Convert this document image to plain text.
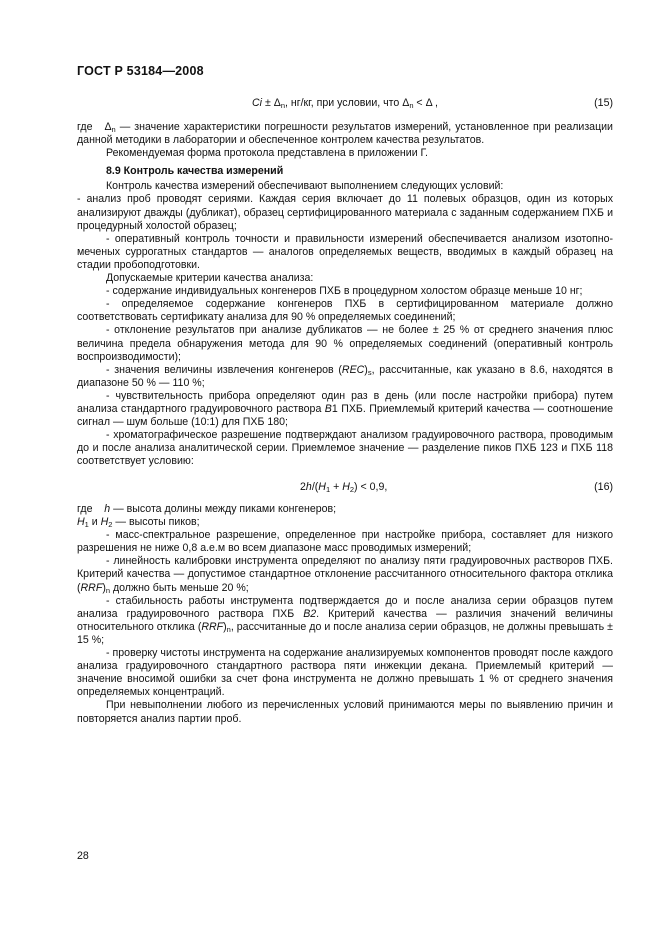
ГОСТ Р 53184—2008
$Ci \pm \Delta_n$, нг/кг, при условии, что $\Delta_n < \Delta$ ,	(15)

где $\Delta_n$ — значение характеристики погрешности результатов измерений, установленное при реализации данной методики в лаборатории и обеспеченное контролем качества результатов.

Рекомендуемая форма протокола представлена в приложении Г.

8.9 Контроль качества измерений

Контроль качества измерений обеспечивают выполнением следующих условий:

- анализ проб проводят сериями. Каждая серия включает до 11 полевых образцов, один из которых анализируют дважды (дубликат), образец сертифицированного материала с заданным содержанием ПХБ и процедурный холостой образец;

- оперативный контроль точности и правильности измерений обеспечивается анализом изотопно-меченых суррогатных стандартов — аналогов определяемых веществ, вводимых в каждый образец на стадии пробоподготовки.

Допускаемые критерии качества анализа:

- содержание индивидуальных конгенеров ПХБ в процедурном холостом образце меньше 10 нг;

- определяемое содержание конгенеров ПХБ в сертифицированном материале должно соответствовать сертификату анализа для 90 % определяемых соединений;

- отклонение результатов при анализе дубликатов — не более ± 25 % от среднего значения плюс величина предела обнаружения метода для 90 % определяемых соединений (оперативный контроль воспроизводимости);

- значения величины извлечения конгенеров $(REC)_s$, рассчитанные, как указано в 8.6, находятся в диапазоне 50 % — 110 %;

- чувствительность прибора определяют один раз в день (или после настройки прибора) путем анализа стандартного градуировочного раствора B1 ПХБ. Приемлемый критерий качества — соотношение сигнал — шум больше (10:1) для ПХБ 180;

- хроматографическое разрешение подтверждают анализом градуировочного раствора, проводимым до и после анализа аналитической серии. Приемлемое значение — разделение пиков ПХБ 123 и ПХБ 118 соответствует условию:

$2h/(H_1 + H_2) < 0,9$,	(16)

где h — высота долины между пиками конгенеров;

$H_1$ и $H_2$ — высоты пиков;

- масс-спектральное разрешение, определенное при настройке прибора, составляет для низкого разрешения не ниже 0,8 а.е.м во всем диапазоне масс проводимых измерений;

- линейность калибровки инструмента определяют по анализу пяти градуировочных растворов ПХБ. Критерий качества — допустимое стандартное отклонение рассчитанного относительного фактора отклика $(RRF)_n$ должно быть меньше 20 %;

- стабильность работы инструмента подтверждается до и после анализа серии образцов путем анализа градуировочного раствора ПХБ B2. Критерий качества — различия значений величины относительного отклика $(RRF)_n$, рассчитанные до и после анализа серии образцов, не должны превышать ± 15 %;

- проверку чистоты инструмента на содержание анализируемых компонентов проводят после каждого анализа градуировочного стандартного раствора пяти инжекции декана. Приемлемый критерий — значение вносимой ошибки за счет фона инструмента не должно превышать 1 % от среднего значения определяемых концентраций.

При невыполнении любого из перечисленных условий принимаются меры по выявлению причин и повторяется анализ партии проб.

28
